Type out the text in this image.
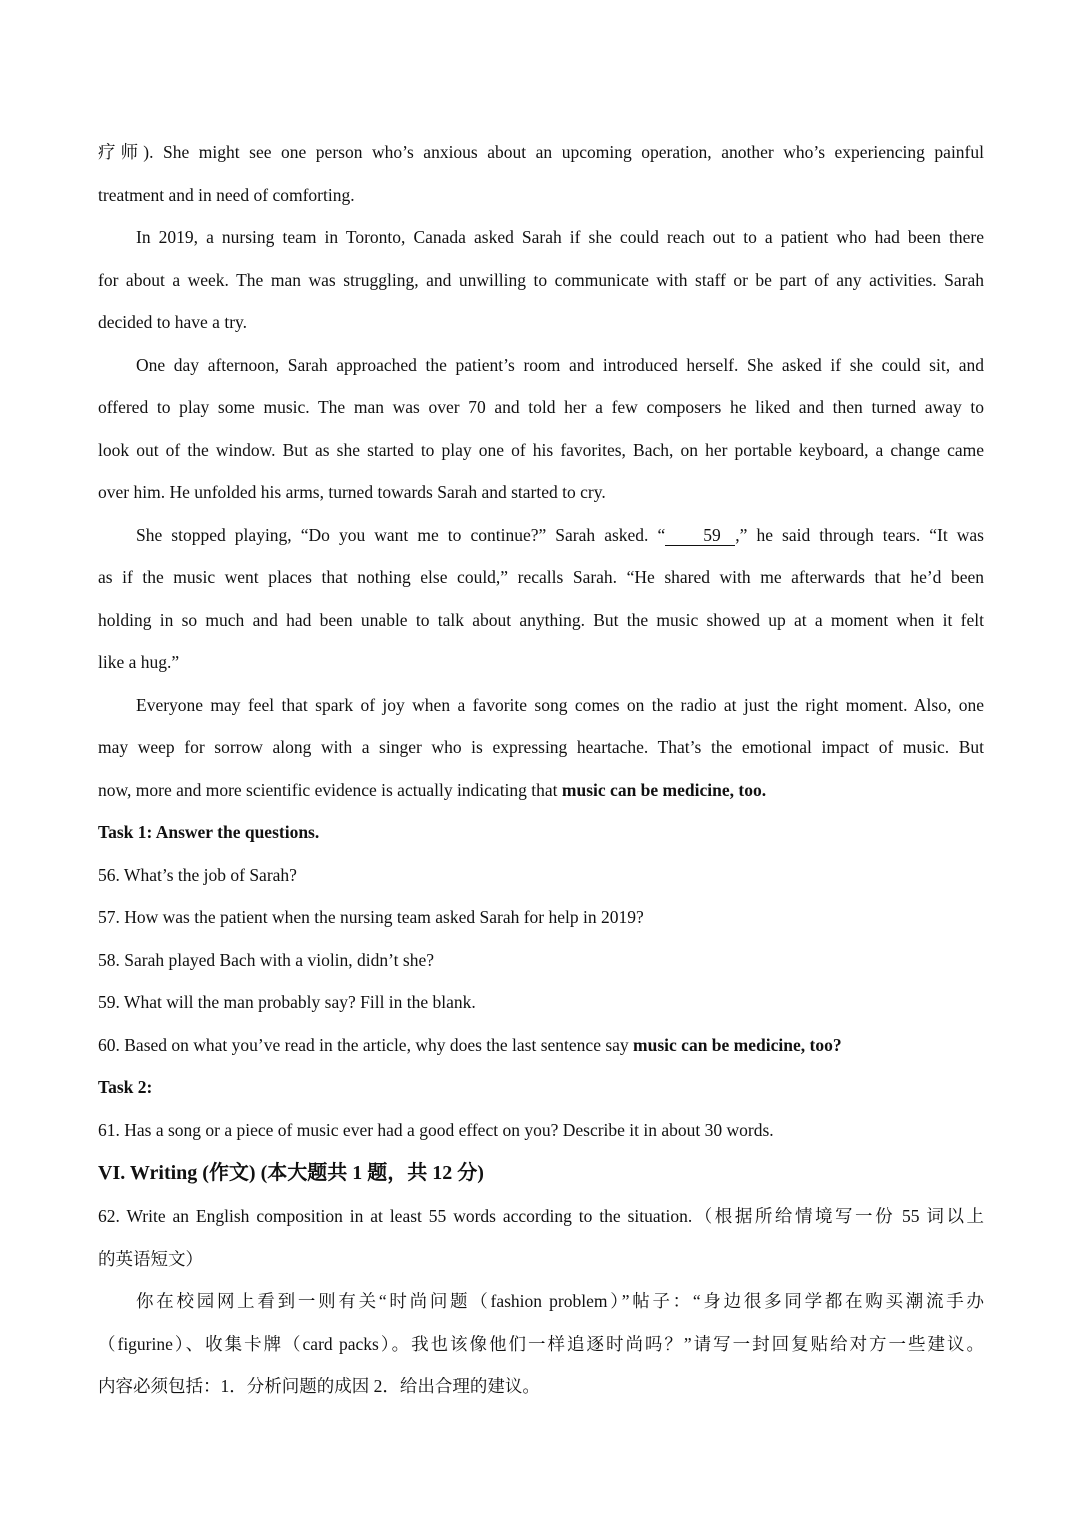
疗师). She might see one person who’s anxious about an upcoming operation, another who’s experiencing painful

treatment and in need of comforting.

In 2019, a nursing team in Toronto, Canada asked Sarah if she could reach out to a patient who had been there

for about a week. The man was struggling, and unwilling to communicate with staff or be part of any activities. Sarah

decided to have a try.

One day afternoon, Sarah approached the patient’s room and introduced herself. She asked if she could sit, and

offered to play some music. The man was over 70 and told her a few composers he liked and then turned away to

look out of the window. But as she started to play one of his favorites, Bach, on her portable keyboard, a change came

over him. He unfolded his arms, turned towards Sarah and started to cry.

She stopped playing, “Do you want me to continue?” Sarah asked. “ 59 ,” he said through tears. “It was

as if the music went places that nothing else could,” recalls Sarah. “He shared with me afterwards that he’d been

holding in so much and had been unable to talk about anything. But the music showed up at a moment when it felt

like a hug.”

Everyone may feel that spark of joy when a favorite song comes on the radio at just the right moment. Also, one

may weep for sorrow along with a singer who is expressing heartache. That’s the emotional impact of music. But

now, more and more scientific evidence is actually indicating that music can be medicine, too.

Task 1: Answer the questions.

56. What’s the job of Sarah?

57. How was the patient when the nursing team asked Sarah for help in 2019?

58. Sarah played Bach with a violin, didn’t she?

59. What will the man probably say? Fill in the blank.

60. Based on what you’ve read in the article, why does the last sentence say music can be medicine, too?

Task 2:

61. Has a song or a piece of music ever had a good effect on you? Describe it in about 30 words.

VI. Writing (作文) (本大题共 1 题，共 12 分)

62. Write an English composition in at least 55 words according to the situation.（根据所给情境写一份 55 词以上

的英语短文）

你在校园网上看到一则有关“时尚问题（fashion problem）”帖子：“身边很多同学都在购买潮流手办

（figurine）、收集卡牌（card packs）。我也该像他们一样追逐时尚吗？”请写一封回复贴给对方一些建议。

内容必须包括：1．分析问题的成因 2．给出合理的建议。
